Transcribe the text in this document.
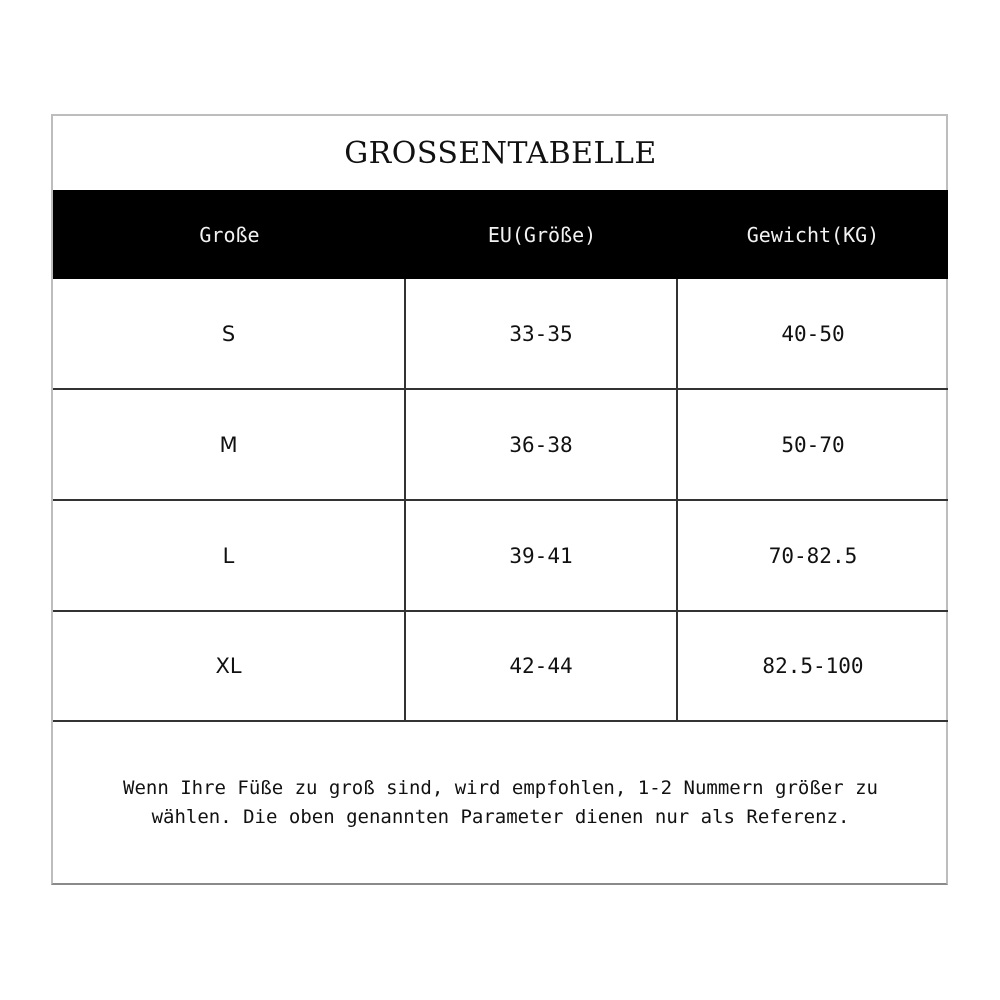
GROSSENTABELLE
Große	EU(Größe)	Gewicht(KG)
S	33-35	40-50
M	36-38	50-70
L	39-41	70-82.5
XL	42-44	82.5-100
Wenn Ihre Füße zu groß sind, wird empfohlen, 1-2 Nummern größer zu
wählen. Die oben genannten Parameter dienen nur als Referenz.
